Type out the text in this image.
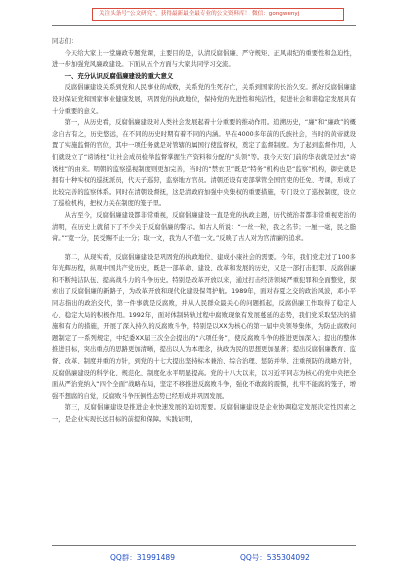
关注头条号“公文研究”，获得最新最全最专业的公文资料库！ 微信：gongwenyj

同志们：

今天给大家上一堂廉政专题党课，主要目的是，认清反腐倡廉、严守规矩、正风肃纪的重要性和急迫性，进一步加强党风廉政建设。下面从五个方面与大家共同学习交流。

一、充分认识反腐倡廉建设的重大意义

反腐倡廉建设关系到党和人民事业的成败，关系党的生死存亡，关系到国家的长治久安。抓好反腐倡廉建设对保证党和国家事业健康发展，巩固党的执政地位，保持党的先进性和纯洁性，促进社会和谐稳定发展具有十分重要的意义。

第一，从历史看，反腐倡廉建设对人类社会发展起着十分重要的推动作用。追溯历史，“廉”和“廉政”的概念自古有之，历史悠远，在不同的历史时期有着不同的内涵。早在4000多年前的氏族社会，当时的黄帝就设置了实施监督的官位，其中一项任务就是对管辖的属国行使监督权，奠定了监督制度。为了起到监督作用，人们就设立了“谤诱柱”让社会成员检举监督掌握生产资料和分配的“头领”等。我今天安门前的华表就是过去“谤诱柱”的由来。明朝的监察巡视制度则更加完善，当时的“禁衣卫”既是“特务”机构也是“监察”机构，御史就是拥有十种实权的巡抚派员，代天子巡狩，监察地方官员。清朝还设有吏部掌管全国官吏的任免、考课，形成了比较完善的监察体系。同时在清朝设督抚，这是清政府加强中央集权的重要措施，专门设立了巡按制度，设立了巡检机构，把权力关在制度的笼子里。

从古至今，反腐倡廉建设都非常重视，反腐倡廉建设一直是党的执政主题，历代统治者都非常重视吏治的清明，在历史上就留下了不少关于反腐倡廉的警示。如古人所说：“一丝一粒，我之名节；一厘一毫，民之脂膏。”“宽一分，民受赐不止一分；取一文，我为人不值一文。”反映了古人对为官清廉的追求。

第二，从现实看，反腐倡廉建设是巩固党的执政地位、建成小康社会的需要。今年，我们党走过了100多年光辉历程，纵观中国共产党历史，既是一部革命、建设、改革和发展的历史，又是一部打击犯罪、反腐倡廉和不断纯洁队伍、提高战斗力的斗争历史。特别是改革开放以来，通过打击经济领域严重犯罪和全面整党，探索出了反腐倡廉的新路子，为改革开放和现代化建设保驾护航。1989年，面对春夏之交的政治风波，邓小平同志指出的政治交代，第一件事就是反腐败，并从人民群众最关心的问题抓起，反腐倡廉工作取得了稳定人心、稳定大局的积极作用。1992年，面对体制转轨过程中腐败现象有发展蔓延的态势，我们党采取坚决的措施和有力的措施，开展了深入持久的反腐败斗争，特别是以XX为核心的第一届中央领导集体，为防止腐败问题制定了一系列规定，中纪委XX届三次全会提出的“六项任务”，使反腐败斗争的推进更加深入；提出的整体推进目标，突出重点的思路更加清晰，提出以人为本理念，执政为民的思想更加显著；提出反腐倡廉教育、监督、改革、制度并重的方针，到党的十七大提出坚持标本兼治、综合治理、惩防并举、注重预防的战略方针，反腐倡廉建设的科学化、规范化、制度化水平明显提高。党的十八大以来，以习近平同志为核心的党中央把全面从严治党纳入“四个全面”战略布局，坚定不移推进反腐败斗争，强化不敢腐的震慑，扎牢不能腐的笼子，增强不想腐的自觉，反腐败斗争压倒性态势已经形成并巩固发展。

第三，反腐倡廉建设是推进企业快速发展的迫切需要。反腐倡廉建设是企业协调稳定发展决定性因素之一，是企业实现长远目标的前提和保障。实践证明，

QQ群：31991489	QQ号：535304092
